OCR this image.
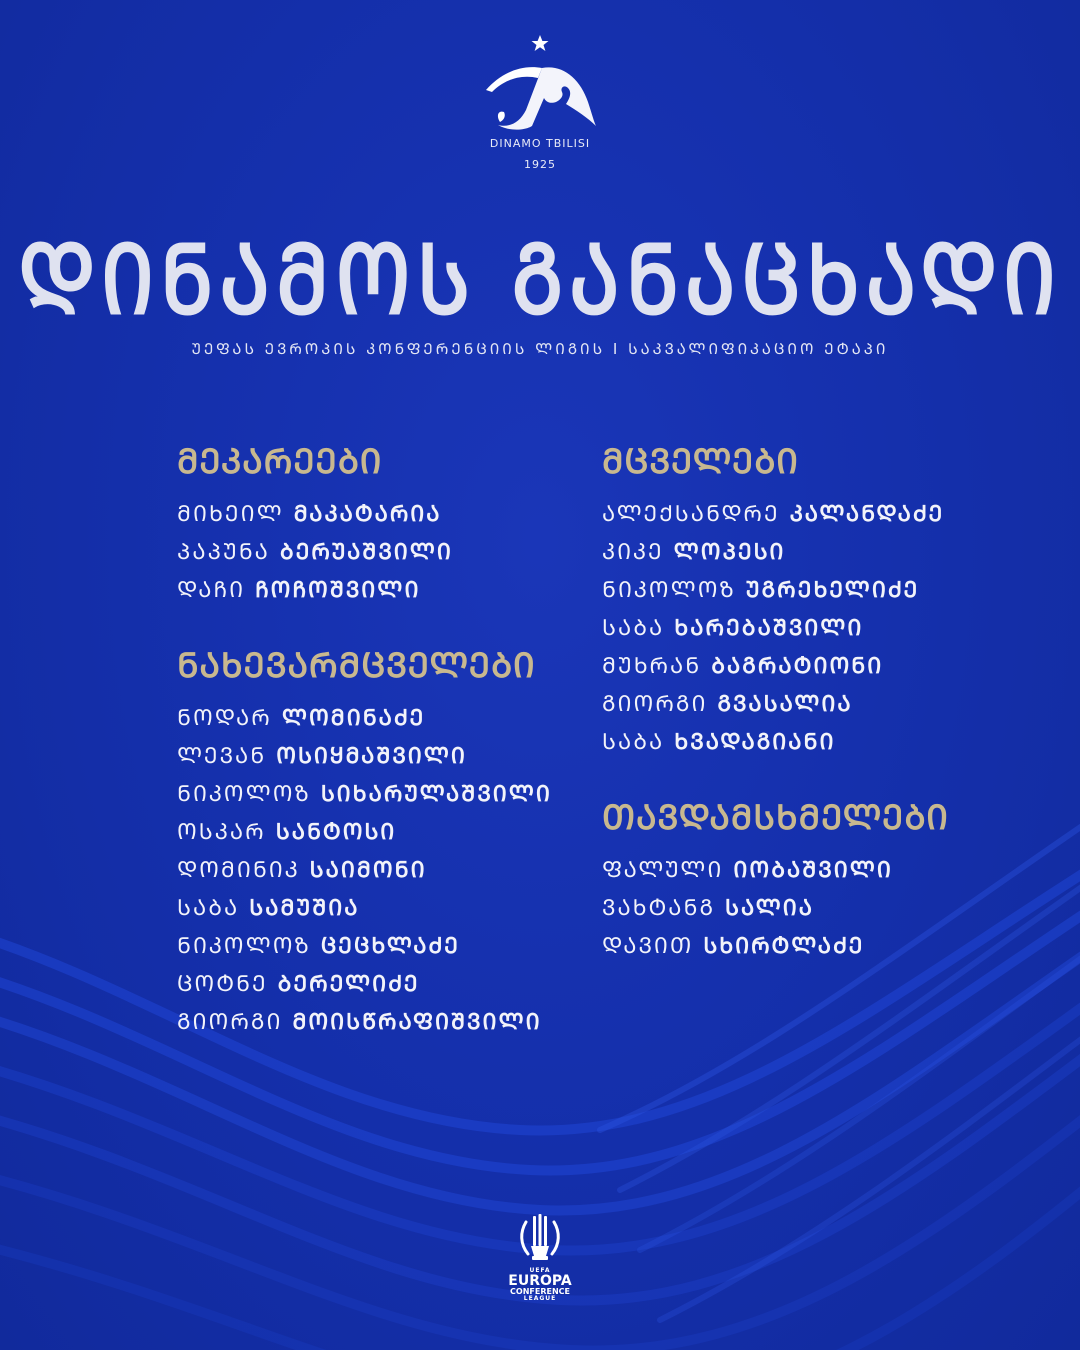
DINAMO TBILISI
1925
ᲓᲘᲜᲐᲛᲝᲡ ᲒᲐᲜᲐᲪᲮᲐᲓᲘ
ᲣᲔᲤᲐᲡ ᲔᲕᲠᲝᲞᲘᲡ ᲙᲝᲜᲤᲔᲠᲔᲜᲪᲘᲘᲡ ᲚᲘᲒᲘᲡ I ᲡᲐᲙᲕᲐᲚᲘᲤᲘᲙᲐᲪᲘᲝ ᲔᲢᲐᲞᲘ
ᲛᲔᲙᲐᲠᲔᲔᲑᲘ
ᲛᲘᲮᲔᲘᲚ ᲛᲐᲙᲐᲢᲐᲠᲘᲐ
ᲞᲐᲞᲣᲜᲐ ᲑᲔᲠᲣᲐᲨᲕᲘᲚᲘ
ᲓᲐᲩᲘ ᲩᲝᲩᲝᲨᲕᲘᲚᲘ
ᲜᲐᲮᲔᲕᲐᲠᲛᲪᲕᲔᲚᲔᲑᲘ
ᲜᲝᲓᲐᲠ ᲚᲝᲛᲘᲜᲐᲫᲔ
ᲚᲔᲕᲐᲜ ᲝᲡᲘᲧᲛᲐᲨᲕᲘᲚᲘ
ᲜᲘᲙᲝᲚᲝᲖ ᲡᲘᲮᲐᲠᲣᲚᲐᲨᲕᲘᲚᲘ
ᲝᲡᲙᲐᲠ ᲡᲐᲜᲢᲝᲡᲘ
ᲓᲝᲛᲘᲜᲘᲙ ᲡᲐᲘᲛᲝᲜᲘ
ᲡᲐᲑᲐ ᲡᲐᲛᲣᲨᲘᲐ
ᲜᲘᲙᲝᲚᲝᲖ ᲪᲔᲪᲮᲚᲐᲫᲔ
ᲪᲝᲢᲜᲔ ᲑᲔᲠᲔᲚᲘᲫᲔ
ᲒᲘᲝᲠᲒᲘ ᲛᲝᲘᲡᲬᲠᲐᲤᲘᲨᲕᲘᲚᲘ
ᲛᲪᲕᲔᲚᲔᲑᲘ
ᲐᲚᲔᲥᲡᲐᲜᲓᲠᲔ ᲙᲐᲚᲐᲜᲓᲐᲫᲔ
ᲙᲘᲙᲔ ᲚᲝᲞᲔᲡᲘ
ᲜᲘᲙᲝᲚᲝᲖ ᲣᲒᲠᲔᲮᲔᲚᲘᲫᲔ
ᲡᲐᲑᲐ ᲮᲐᲠᲔᲑᲐᲨᲕᲘᲚᲘ
ᲛᲣᲮᲠᲐᲜ ᲑᲐᲒᲠᲐᲢᲘᲝᲜᲘ
ᲒᲘᲝᲠᲒᲘ ᲒᲕᲐᲡᲐᲚᲘᲐ
ᲡᲐᲑᲐ ᲮᲕᲐᲓᲐᲒᲘᲐᲜᲘ
ᲗᲐᲕᲓᲐᲛᲡᲮᲛᲔᲚᲔᲑᲘ
ᲤᲐᲚᲣᲚᲘ ᲘᲝᲑᲐᲨᲕᲘᲚᲘ
ᲕᲐᲮᲢᲐᲜᲒ ᲡᲐᲚᲘᲐ
ᲓᲐᲕᲘᲗ ᲡᲮᲘᲠᲢᲚᲐᲫᲔ
UEFA
EUROPA
CONFERENCE
LEAGUE
